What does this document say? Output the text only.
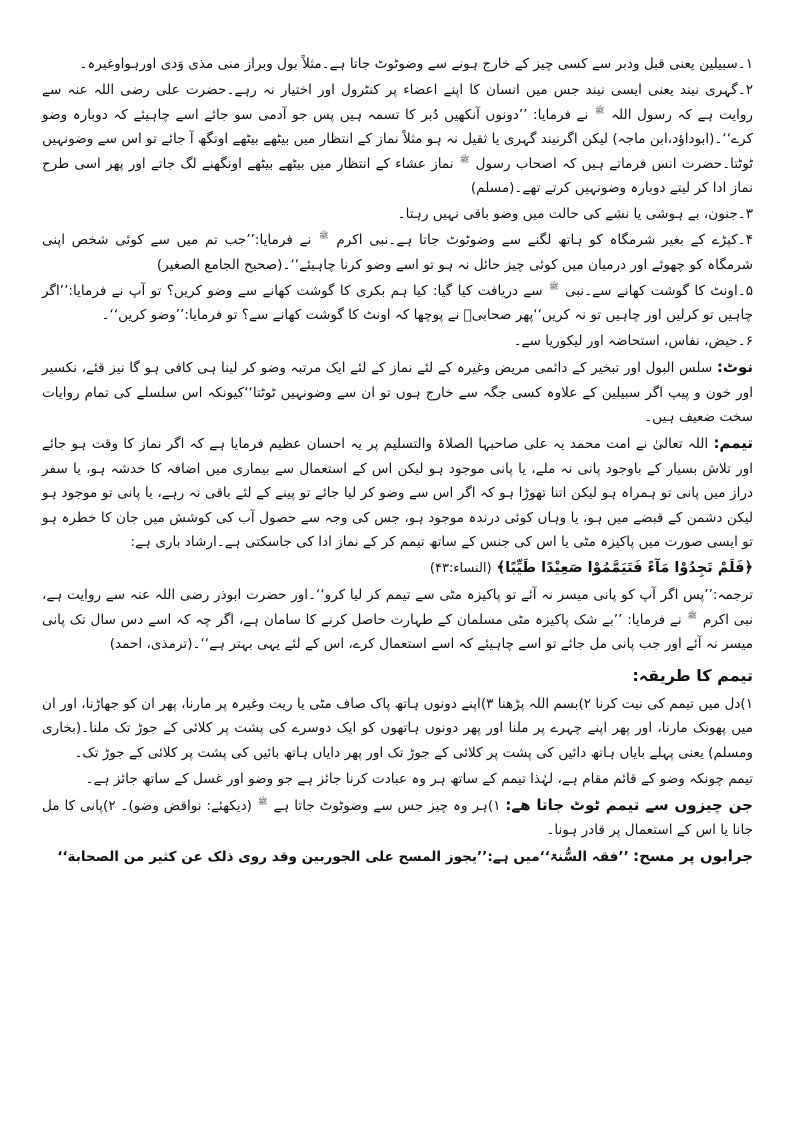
۱۔سبیلین یعنی قبل ودبر سے کسی چیز کے خارج ہونے سے وضوٹوٹ جاتا ہے۔مثلاً بول وبراز منی مذی وَدی اورہواوغیرہ۔

۲۔گہری نیند یعنی ایسی نیند جس میں انسان کا اپنے اعضاء پر کنٹرول اور اختیار نہ رہے۔حضرت علی رضی اللہ عنہ سے روایت ہے کہ رسول اللہ ﷺ نے فرمایا: ’’دونوں آنکھیں دُبر کا تسمہ ہیں پس جو آدمی سو جائے اسے چاہیئے کہ دوبارہ وضو کرے‘‘۔(ابوداؤد،ابن ماجہ) لیکن اگرنیند گہری یا ثقیل نہ ہو مثلاً نماز کے انتظار میں بیٹھے بیٹھے اونگھ آ جائے تو اس سے وضونہیں ٹوٹتا۔حضرت انس فرماتے ہیں کہ اصحاب رسول ﷺ نماز عشاء کے انتظار میں بیٹھے بیٹھے اونگھنے لگ جاتے اور پھر اسی طرح نماز ادا کر لیتے دوبارہ وضونہیں کرتے تھے۔(مسلم)

۳۔جنون، بے ہوشی یا نشے کی حالت میں وضو باقی نہیں رہتا۔

۴۔کپڑے کے بغیر شرمگاہ کو ہاتھ لگنے سے وضوٹوٹ جاتا ہے۔نبی اکرم ﷺ نے فرمایا:’’جب تم میں سے کوئی شخص اپنی شرمگاہ کو چھوئے اور درمیان میں کوئی چیز حائل نہ ہو تو اسے وضو کرنا چاہیئے‘‘۔(صحیح الجامع الصغیر)

۵۔اونٹ کا گوشت کھانے سے۔نبی ﷺ سے دریافت کیا گیا: کیا ہم بکری کا گوشت کھانے سے وضو کریں؟ تو آپ نے فرمایا:’’اگر چاہیں تو کرلیں اور چاہیں تو نہ کریں‘‘پھر صحابیؓ نے پوچھا کہ اونٹ کا گوشت کھانے سے؟ تو فرمایا:’’وضو کریں‘‘۔

۶۔حیض، نفاس، استحاضہ اور لیکوریا سے۔

نوٹ: سلس البول اور تبخیر کے دائمی مریض وغیرہ کے لئے نماز کے لئے ایک مرتبہ وضو کر لینا ہی کافی ہو گا نیز قئے، نکسیر اور خون و پیپ اگر سبیلین کے علاوہ کسی جگہ سے خارج ہوں تو ان سے وضونہیں ٹوٹتا‘‘کیونکہ اس سلسلے کی تمام روایات سخت ضعیف ہیں۔

تیمم: اللہ تعالیٰ نے امت محمد یہ علی صاحبہا الصلاۃ والتسلیم پر یہ احسان عظیم فرمایا ہے کہ اگر نماز کا وقت ہو جائے اور تلاش بسیار کے باوجود پانی نہ ملے، یا پانی موجود ہو لیکن اس کے استعمال سے بیماری میں اضافہ کا خدشہ ہو، یا سفر دراز میں پانی تو ہمراہ ہو لیکن اتنا تھوڑا ہو کہ اگر اس سے وضو کر لیا جائے تو پینے کے لئے باقی نہ رہے، یا پانی تو موجود ہو لیکن دشمن کے قبضے میں ہو، یا وہاں کوئی درندہ موجود ہو، جس کی وجہ سے حصول آب کی کوشش میں جان کا خطرہ ہو تو ایسی صورت میں پاکیزہ مٹی یا اس کی جنس کے ساتھ تیمم کر کے نماز ادا کی جاسکتی ہے۔ارشاد باری ہے:

﴿فَلَمْ تَجِدُوْا مَآءً فَتَيَمَّمُوْا صَعِيْدًا طَيِّبًا﴾ (النساء:۴۳)

ترجمہ:’’پس اگر آپ کو پانی میسر نہ آئے تو پاکیزہ مٹی سے تیمم کر لیا کرو‘‘۔اور حضرت ابوذر رضی اللہ عنہ سے روایت ہے، نبی اکرم ﷺ نے فرمایا: ’’بے شک پاکیزہ مٹی مسلمان کے طہارت حاصل کرنے کا سامان ہے، اگر چہ کہ اسے دس سال تک پانی میسر نہ آئے اور جب پانی مل جائے تو اسے چاہیئے کہ اسے استعمال کرے، اس کے لئے یہی بہتر ہے‘‘۔(ترمذی، احمد)

تیمم کا طریقہ:

۱)دل میں تیمم کی نیت کرنا ۲)بسم اللہ پڑھنا ۳)اپنے دونوں ہاتھ پاک صاف مٹی یا ریت وغیرہ پر مارنا، پھر ان کو جھاڑنا، اور ان میں پھونک مارنا، اور پھر اپنے چہرے پر ملنا اور پھر دونوں ہاتھوں کو ایک دوسرے کی پشت پر کلائی کے جوڑ تک ملنا۔(بخاری ومسلم) یعنی پہلے بایاں ہاتھ دائیں کی پشت پر کلائی کے جوڑ تک اور پھر دایاں ہاتھ بائیں کی پشت پر کلائی کے جوڑ تک۔

تیمم چونکہ وضو کے قائم مقام ہے، لہٰذا تیمم کے ساتھ ہر وہ عبادت کرنا جائز ہے جو وضو اور غسل کے ساتھ جائز ہے۔

جن چیزوں سے تیمم ٹوٹ جاتا ھے: ۱)ہر وہ چیز جس سے وضوٹوٹ جاتا ہے ﷺ (دیکھئے: نواقض وضو)۔ ۲)پانی کا مل جانا یا اس کے استعمال پر قادر ہونا۔

جرابوں پر مسح: ’’فقہ السُّنۃ‘‘میں ہے:’’يجوز المسح علی الجوربين وقد روی ذلک عن کثير من الصحابة‘‘
